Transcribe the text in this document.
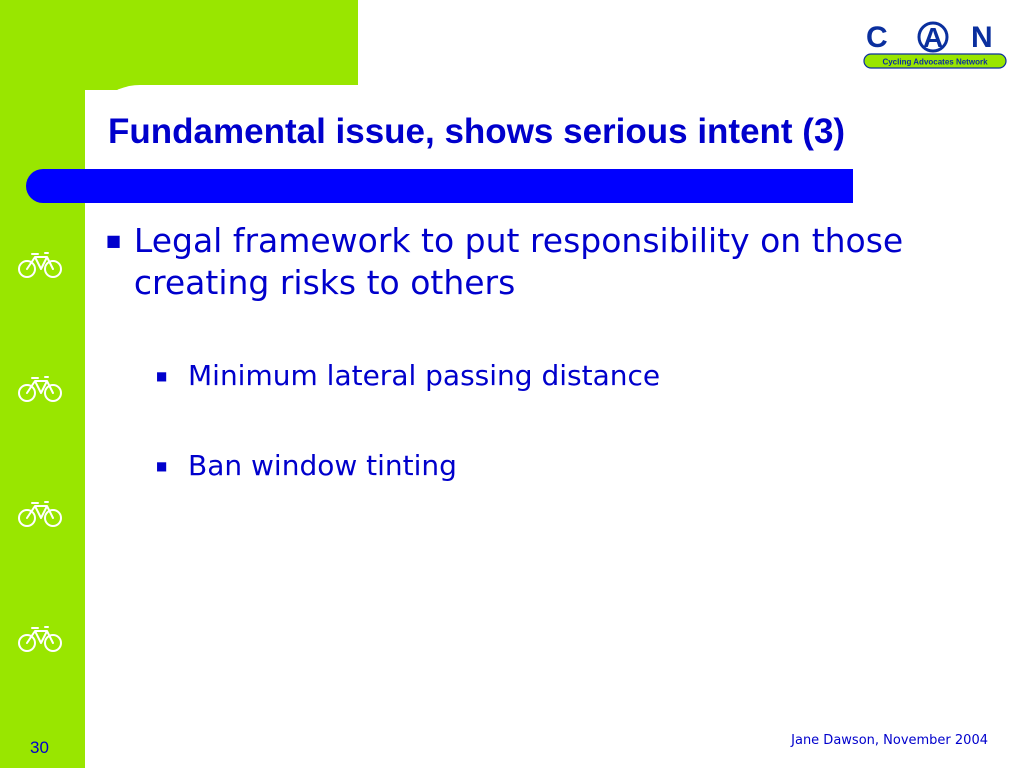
C A N
Cycling Advocates Network
Fundamental issue, shows serious intent (3)
■ Legal framework to put responsibility on those creating risks to others
■ Minimum lateral passing distance
■ Ban window tinting
30	Jane Dawson, November 2004
